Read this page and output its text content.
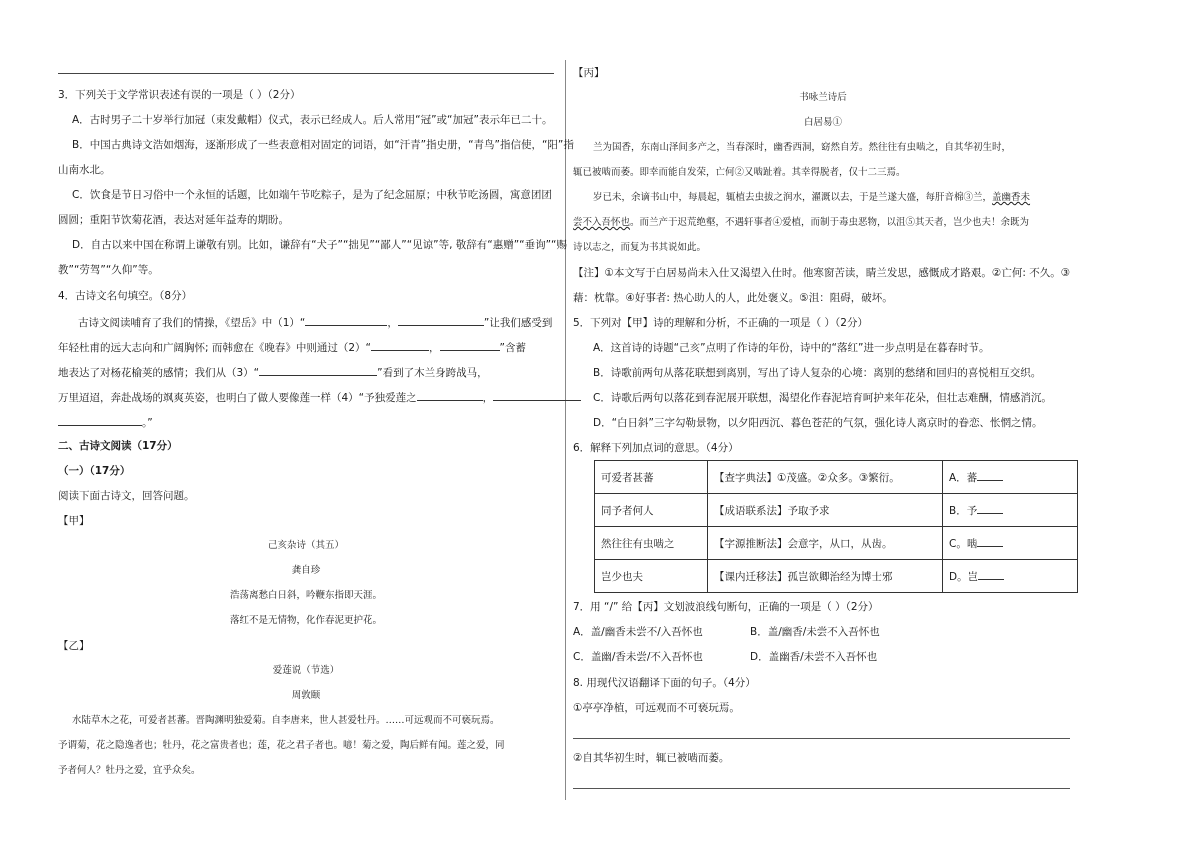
3．下列关于文学常识表述有误的一项是（ ）（2分）
A．古时男子二十岁举行加冠（束发戴帽）仪式，表示已经成人。后人常用“冠”或“加冠”表示年已二十。
B．中国古典诗文浩如烟海，逐渐形成了一些表意相对固定的词语，如“汗青”指史册，“青鸟”指信使，“阳”指
山南水北。
C．饮食是节日习俗中一个永恒的话题，比如端午节吃粽子，是为了纪念屈原；中秋节吃汤圆，寓意团团
圆圆；重阳节饮菊花酒，表达对延年益寿的期盼。
D．自古以来中国在称谓上谦敬有别。比如，谦辞有“犬子”“拙见”“鄙人”“见谅”等, 敬辞有“惠赠”“垂询”“赐
教”“劳驾”“久仰”等。
4．古诗文名句填空。（8分）
古诗文阅读哺育了我们的情操，《望岳》中（1）“	，	”让我们感受到
年轻杜甫的远大志向和广阔胸怀; 而韩愈在《晚春》中则通过（2）“	，	”含蓄
地表达了对杨花榆荚的感情；我们从（3）“	”看到了木兰身跨战马，
万里迢迢，奔赴战场的飒爽英姿，也明白了做人要像莲一样（4）“予独爱莲之	，
。”
二、古诗文阅读（17分）
（一）（17分）
阅读下面古诗文，回答问题。
【甲】
己亥杂诗（其五）
龚自珍
浩荡离愁白日斜，吟鞭东指即天涯。
落红不是无情物，化作春泥更护花。
【乙】
爱莲说（节选）
周敦颐
水陆草木之花，可爱者甚蕃。晋陶渊明独爱菊。自李唐来，世人甚爱牡丹。……可远观而不可亵玩焉。
予谓菊，花之隐逸者也；牡丹，花之富贵者也；莲，花之君子者也。噫！菊之爱，陶后鲜有闻。莲之爱，同
予者何人？牡丹之爱，宜乎众矣。
【丙】
书咏兰诗后
白居易①
兰为国香，东南山泽间多产之，当春深时，幽香西洞，窈然自芳。然往往有虫啮之，自其华初生时，
辄已被啮而萎。即幸而能自发荣，亡何②又啮趾着。其幸得脱者，仅十二三焉。
岁已未，余谪书山中，每晨起，辄植去虫拔之润水，濯溉以去，于是兰遂大盛，每肝音棉③兰，盖幽香未
尝不入吾怀也。而兰产于迟荒绝壑，不遇轩事者④爱植，而制于毒虫恶物，以沮⑤其天者，岂少也夫！余既为
诗以志之，而复为书其说如此。
【注】①本文写于白居易尚未入仕又渴望入仕时。他寒窗苦读，睛兰发思，感慨成才路艰。②亡何: 不久。③
藉：枕靠。④好事者: 热心助人的人，此处褒义。⑤沮：阻碍，破坏。
5．下列对【甲】诗的理解和分析，不正确的一项是（ ）（2分）
A．这首诗的诗题“己亥”点明了作诗的年份，诗中的“落红”进一步点明是在暮春时节。
B．诗歌前两句从落花联想到离别，写出了诗人复杂的心境：离别的愁绪和回归的喜悦相互交织。
C．诗歌后两句以落花到春泥展开联想，渴望化作春泥培育呵护来年花朵，但壮志难酬，情感消沉。
D．“白日斜”三字勾勒景物，以夕阳西沉、暮色苍茫的气氛，强化诗人离京时的眷恋、怅惘之情。
6．解释下列加点词的意思。（4分）
可爱者甚蕃	【查字典法】①茂盛。②众多。③繁衍。	A．蕃
同予者何人	【成语联系法】予取予求	B．予
然往往有虫啮之	【字源推断法】会意字，从口，从齿。	C。啮
岂少也夫	【课内迁移法】孤岂欲卿治经为博士邪	D。岂
7．用 “/” 给【丙】文划波浪线句断句，正确的一项是（ ）（2分）
A．盖/幽香未尝不/入吾怀也	B．盖/幽香/未尝不入吾怀也
C．盖幽/香未尝/不入吾怀也	D．盖幽香/未尝不入吾怀也
8. 用现代汉语翻译下面的句子。（4分）
①亭亭净植，可远观而不可亵玩焉。
②自其华初生时，辄已被啮而萎。
